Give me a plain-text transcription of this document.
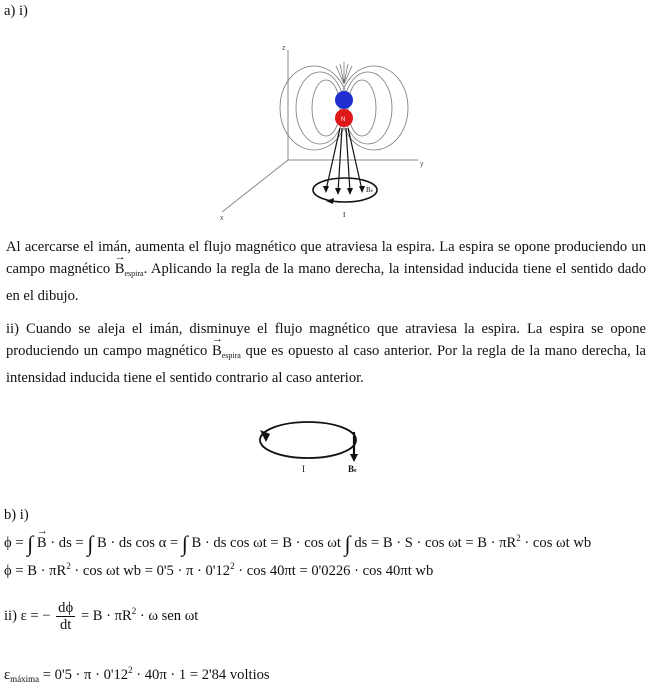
a) i)
z
y
x
N
Be
I
Al acercarse el imán, aumenta el flujo magnético que atraviesa la espira. La espira se opone produciendo un campo magnético → $B_{espira}$. Aplicando la regla de la mano derecha, la intensidad inducida tiene el sentido dado en el dibujo.
ii) Cuando se aleja el imán, disminuye el flujo magnético que atraviesa la espira. La espira se opone produciendo un campo magnético → $B_{espira}$ que es opuesto al caso anterior. Por la regla de la mano derecha, la intensidad inducida tiene el sentido contrario al caso anterior.
I	Be
b) i)
ϕ = ∫ → B · ds = ∫ B · ds cos α = ∫ B · ds cos ωt = B · cos ωt ∫ ds = $B \cdot S \cdot \cos \omega t = B \cdot \pi R^2 \cdot \cos \omega t$ wb
$\phi = B \cdot \pi R^2 \cdot \cos \omega t$ wb = $0'5 \cdot \pi \cdot 0'12^2 \cdot \cos 40\pi t = 0'0226 \cdot \cos 40\pi t$ wb
ii) ε = − $\frac{d\phi}{dt} = B \cdot \pi R^2 \cdot \omega$ sen ωt
$\varepsilon_{máxima} = 0'5 \cdot \pi \cdot 0'12^2 \cdot 40\pi \cdot 1 = 2'84$ voltios
